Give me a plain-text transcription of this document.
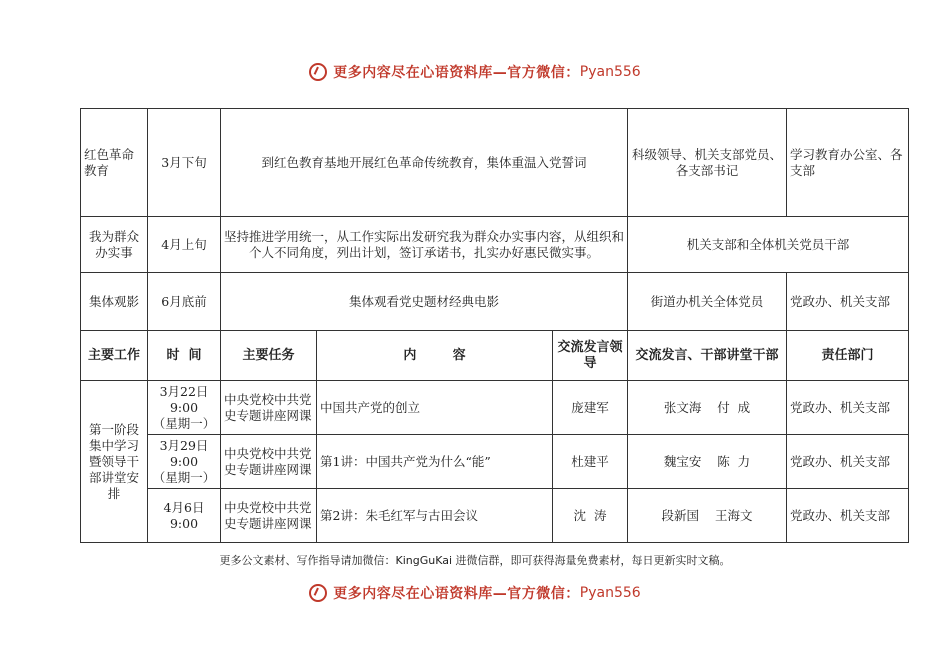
更多内容尽在心语资料库—官方微信：Pyan556
红色革命教育	3月下旬	到红色教育基地开展红色革命传统教育，集体重温入党誓词			科级领导、机关支部党员、各支部书记	学习教育办公室、各支部
我为群众办实事	4月上旬	坚持推进学用统一，从工作实际出发研究我为群众办实事内容，从组织和个人不同角度，列出计划，签订承诺书，扎实办好惠民微实事。			机关支部和全体机关党员干部	
集体观影	6月底前	集体观看党史题材经典电影			街道办机关全体党员	党政办、机关支部
主要工作	时  间	主要任务	内        容	交流发言领导	交流发言、干部讲堂干部	责任部门
第一阶段集中学习暨领导干部讲堂安排	3月22日
9:00
（星期一）	中央党校中共党史专题讲座网课	中国共产党的创立	庞建军	张文海    付  成	党政办、机关支部
	3月29日
9:00
（星期一）	中央党校中共党史专题讲座网课	第1讲：中国共产党为什么“能”	杜建平	魏宝安    陈  力	党政办、机关支部
	4月6日
9:00	中央党校中共党史专题讲座网课	第2讲：朱毛红军与古田会议	沈  涛	段新国    王海文	党政办、机关支部
更多公文素材、写作指导请加微信：KingGuKai 进微信群，即可获得海量免费素材，每日更新实时文稿。
更多内容尽在心语资料库—官方微信：Pyan556
